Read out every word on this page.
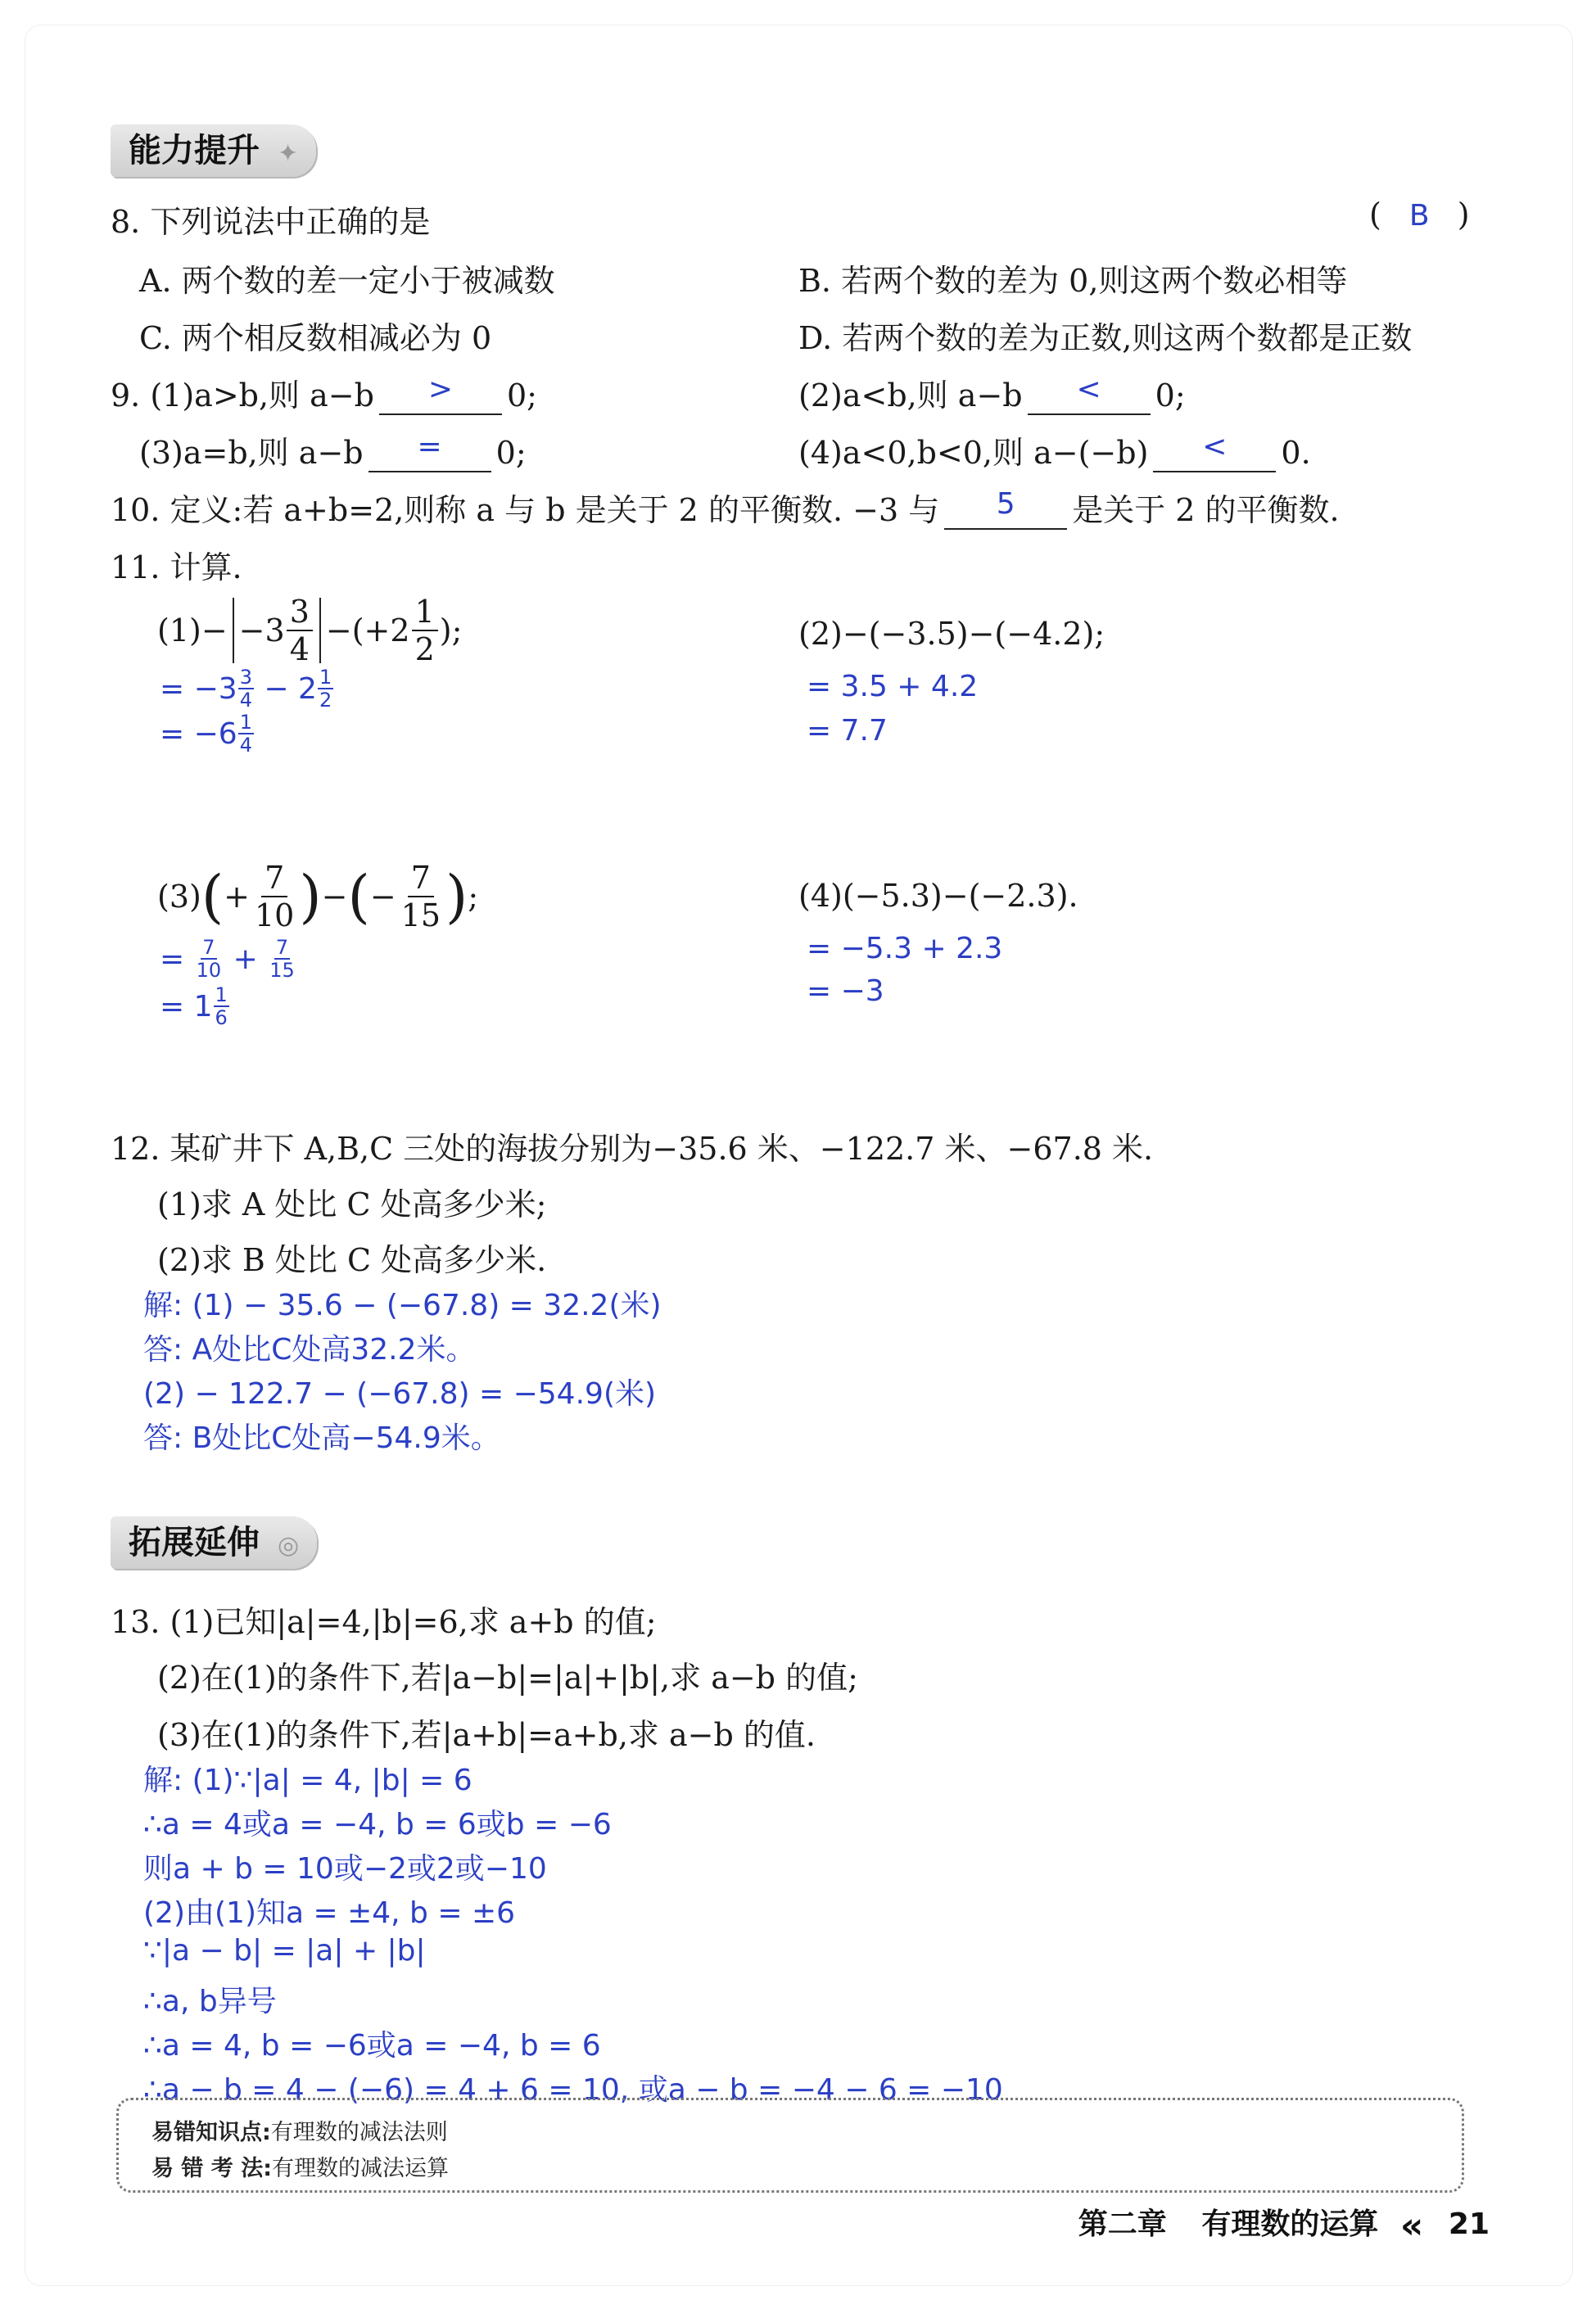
能力提升 ✦
8. 下列说法中正确的是	( B )
A. 两个数的差一定小于被减数	B. 若两个数的差为 0,则这两个数必相等
C. 两个相反数相减必为 0	D. 若两个数的差为正数,则这两个数都是正数
9. (1)a>b,则 a−b	>	0;	(2)a<b,则 a−b	<	0;
(3)a=b,则 a−b	=	0;	(4)a<0,b<0,则 a−(−b)	<	0.
10. 定义:若 a+b=2,则称 a 与 b 是关于 2 的平衡数. −3 与	5	是关于 2 的平衡数.
11. 计算.
$(1)- -3 \frac{3}{4} -(+2 \frac{1}{2}$ );
= $-3 \frac{3}{4} - 2 \frac{1}{2}$
= $-6 \frac{1}{4}$
(2)−(−3.5)−(−4.2);
= 3.5 + 4.2
= 7.7
(3) ( + $\frac{7}{10}$ ) − ( − $\frac{7}{15}$ ) ;
= $\frac{7}{10} + \frac{7}{15}$
= $1 \frac{1}{6}$
(4)(−5.3)−(−2.3).
= −5.3 + 2.3
= −3
12. 某矿井下 A,B,C 三处的海拔分别为−35.6 米、−122.7 米、−67.8 米.
(1)求 A 处比 C 处高多少米;
(2)求 B 处比 C 处高多少米.
解: (1) − 35.6 − (−67.8) = 32.2(米)
答: A处比C处高32.2米。
(2) − 122.7 − (−67.8) = −54.9(米)
答: B处比C处高−54.9米。
拓展延伸 ◎
13. (1)已知|a|=4,|b|=6,求 a+b 的值;
(2)在(1)的条件下,若|a−b|=|a|+|b|,求 a−b 的值;
(3)在(1)的条件下,若|a+b|=a+b,求 a−b 的值.
解: (1)∵|a| = 4, |b| = 6
∴a = 4或a = −4, b = 6或b = −6
则a + b = 10或−2或2或−10
(2)由(1)知a = ±4, b = ±6
∵|a − b| = |a| + |b|
∴a, b异号
∴a = 4, b = −6或a = −4, b = 6
∴a − b = 4 − (−6) = 4 + 6 = 10, 或a − b = −4 − 6 = −10
易错知识点:有理数的减法法则
易 错 考 法:有理数的减法运算
第二章 有理数的运算 « 21
